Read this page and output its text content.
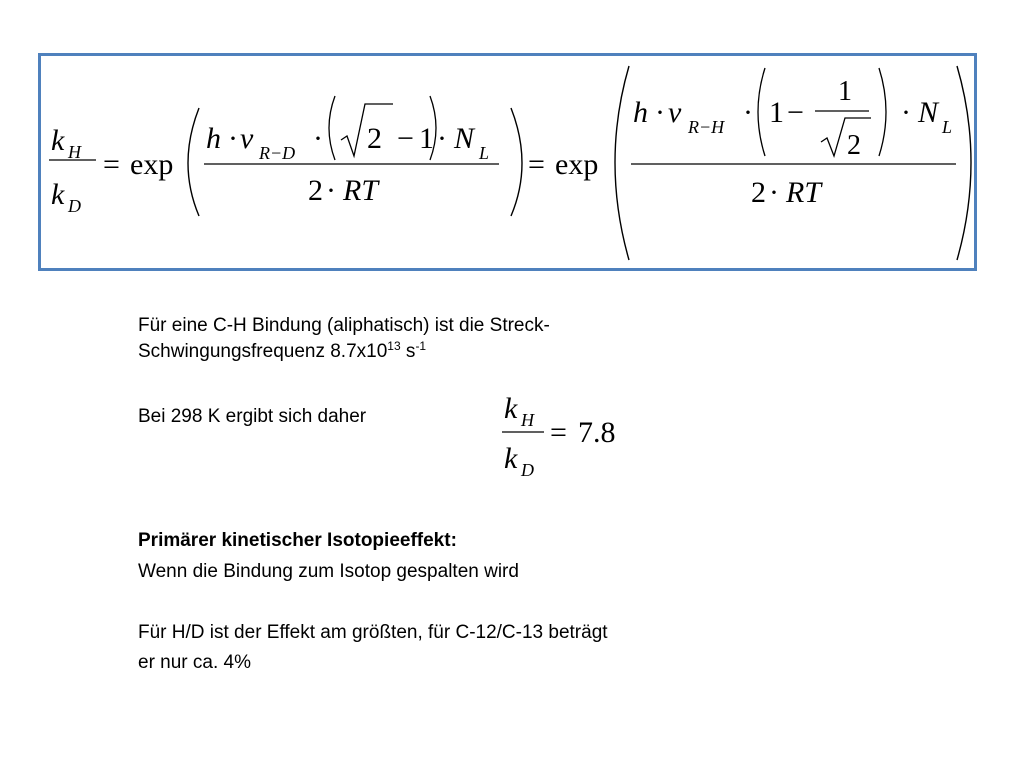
k H
k D
= exp
h · ν R−D · 2 − 1 · N L
2 · RT
= exp
h · ν R−H · 1 −
1
2
· N L
2 · RT
Für eine C-H Bindung (aliphatisch) ist die Streck-
Schwingungsfrequenz $8.7x10^{13}$ $s^{-1}$
Bei 298 K ergibt sich daher	k H
k D
= 7.8
Primärer kinetischer Isotopieeffekt:
Wenn die Bindung zum Isotop gespalten wird
Für H/D ist der Effekt am größten, für C-12/C-13 beträgt
er nur ca. 4%
